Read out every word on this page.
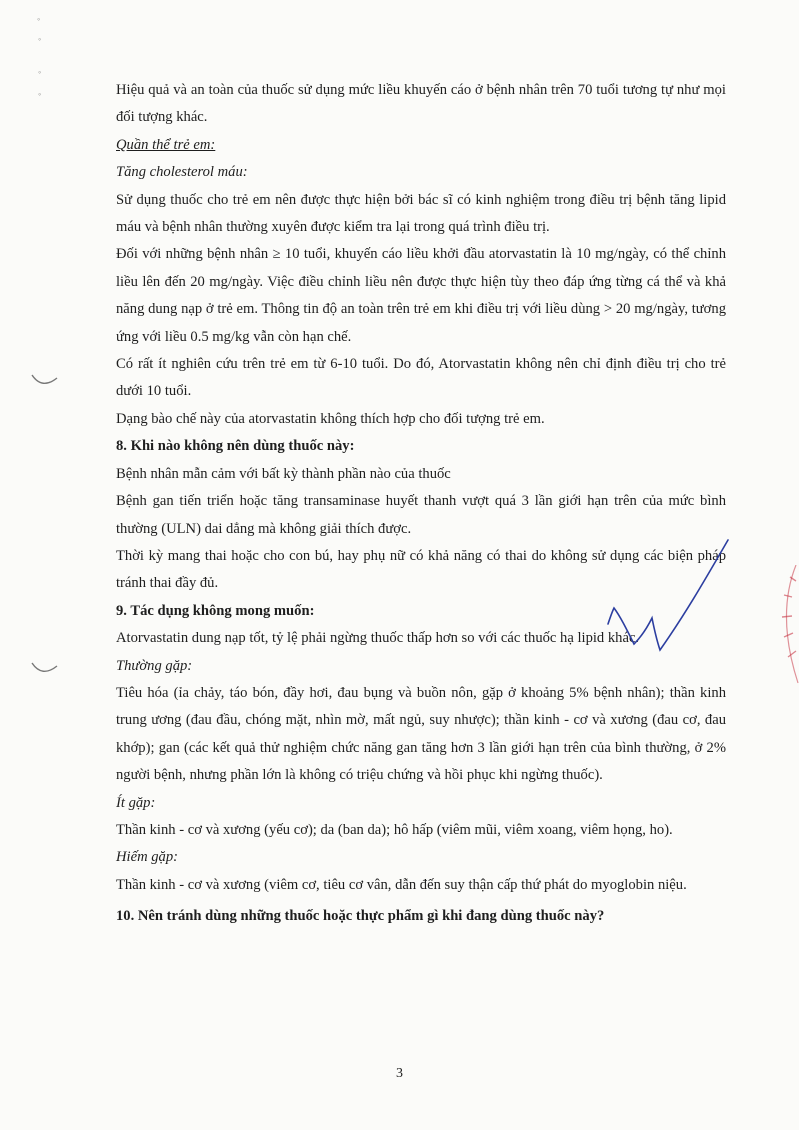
◦
◦
◦
◦	Hiệu quả và an toàn của thuốc sử dụng mức liều khuyến cáo ở bệnh nhân trên 70 tuổi tương tự như mọi đối tượng khác.

Quần thể trẻ em:

Tăng cholesterol máu:

Sử dụng thuốc cho trẻ em nên được thực hiện bởi bác sĩ có kinh nghiệm trong điều trị bệnh tăng lipid máu và bệnh nhân thường xuyên được kiểm tra lại trong quá trình điều trị.

Đối với những bệnh nhân ≥ 10 tuổi, khuyến cáo liều khởi đầu atorvastatin là 10 mg/ngày, có thể chỉnh liều lên đến 20 mg/ngày. Việc điều chỉnh liều nên được thực hiện tùy theo đáp ứng từng cá thể và khả năng dung nạp ở trẻ em. Thông tin độ an toàn trên trẻ em khi điều trị với liều dùng > 20 mg/ngày, tương ứng với liều 0.5 mg/kg vẫn còn hạn chế.

Có rất ít nghiên cứu trên trẻ em từ 6-10 tuổi. Do đó, Atorvastatin không nên chỉ định điều trị cho trẻ dưới 10 tuổi.

Dạng bào chế này của atorvastatin không thích hợp cho đối tượng trẻ em.

8. Khi nào không nên dùng thuốc này:

Bệnh nhân mẫn cảm với bất kỳ thành phần nào của thuốc

Bệnh gan tiến triển hoặc tăng transaminase huyết thanh vượt quá 3 lần giới hạn trên của mức bình thường (ULN) dai dẳng mà không giải thích được.

Thời kỳ mang thai hoặc cho con bú, hay phụ nữ có khả năng có thai do không sử dụng các biện pháp tránh thai đầy đủ.

9. Tác dụng không mong muốn:

Atorvastatin dung nạp tốt, tỷ lệ phải ngừng thuốc thấp hơn so với các thuốc hạ lipid khác.

Thường gặp:

Tiêu hóa (ỉa chảy, táo bón, đầy hơi, đau bụng và buồn nôn, gặp ở khoảng 5% bệnh nhân); thần kinh trung ương (đau đầu, chóng mặt, nhìn mờ, mất ngủ, suy nhược); thần kinh - cơ và xương (đau cơ, đau khớp); gan (các kết quả thử nghiệm chức năng gan tăng hơn 3 lần giới hạn trên của bình thường, ở 2% người bệnh, nhưng phần lớn là không có triệu chứng và hồi phục khi ngừng thuốc).

Ít gặp:

Thần kinh - cơ và xương (yếu cơ); da (ban da); hô hấp (viêm mũi, viêm xoang, viêm họng, ho).

Hiếm gặp:

Thần kinh - cơ và xương (viêm cơ, tiêu cơ vân, dẫn đến suy thận cấp thứ phát do myoglobin niệu.

10. Nên tránh dùng những thuốc hoặc thực phẩm gì khi đang dùng thuốc này?

3
